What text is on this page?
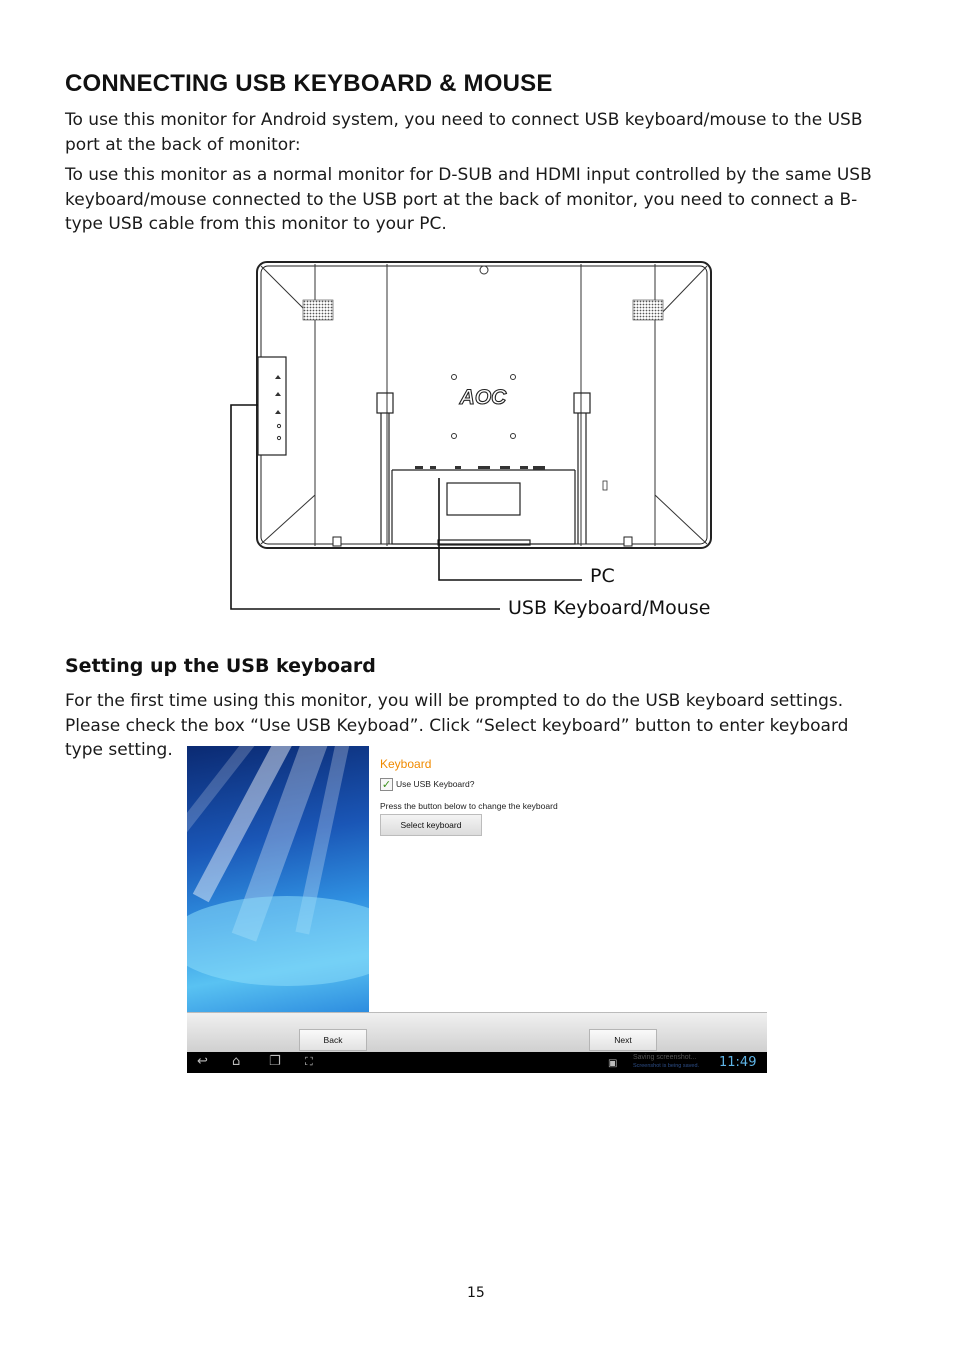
CONNECTING USB KEYBOARD & MOUSE

To use this monitor for Android system, you need to connect USB keyboard/mouse to the USB port at the back of monitor:

To use this monitor as a normal monitor for D-SUB and HDMI input controlled by the same USB keyboard/mouse connected to the USB port at the back of monitor, you need to connect a B-type USB cable from this monitor to your PC.

AOC
PC
USB Keyboard/Mouse
Setting up the USB keyboard

For the first time using this monitor, you will be prompted to do the USB keyboard settings. Please check the box “Use USB Keyboad”. Click “Select keyboard” button to enter keyboard type setting.

Keyboard
✓ Use USB Keyboard?
Press the button below to change the keyboard
Select keyboard
Back	Next
↩ ⌂ ❐ ⛶	▣
Saving screenshot...
Screenshot is being saved. 11:49
15
